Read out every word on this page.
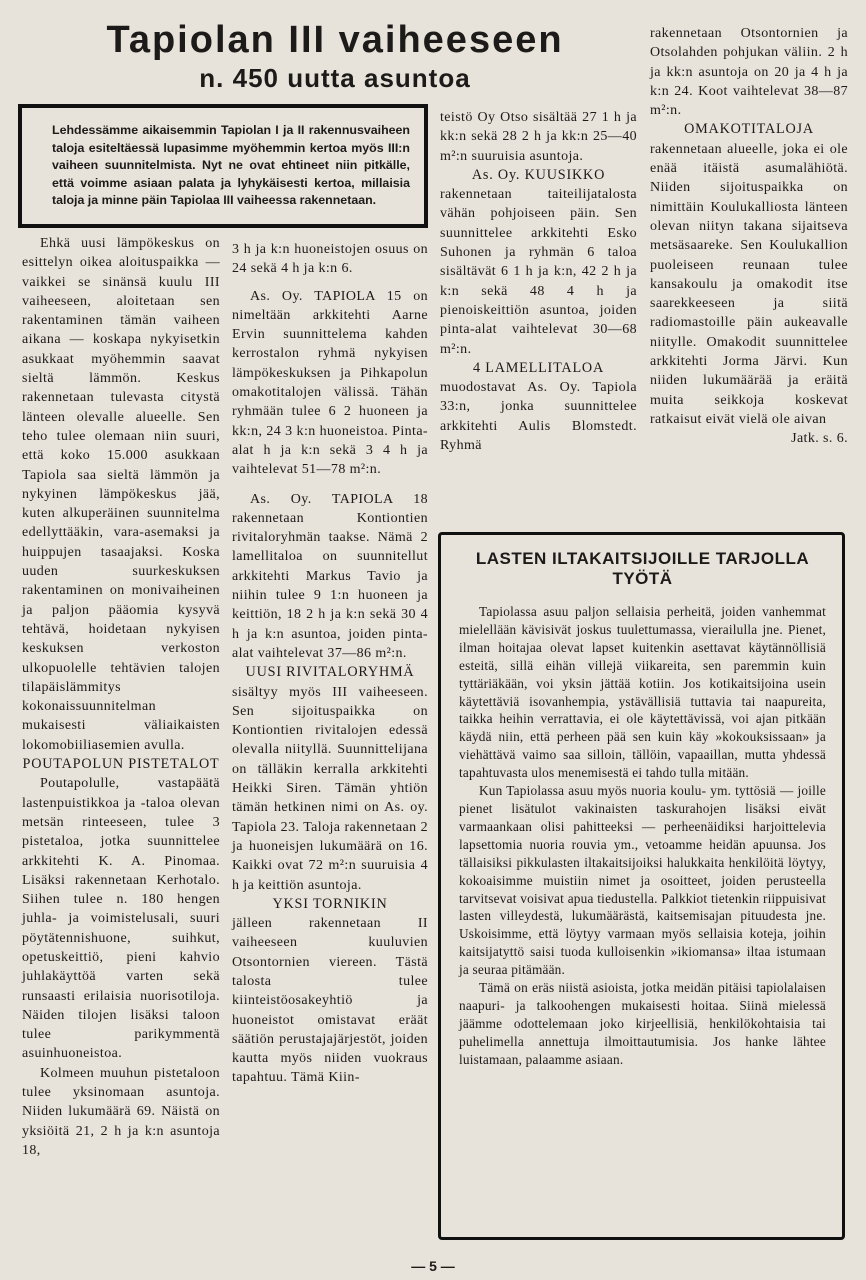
Tapiolan III vaiheeseen
n. 450 uutta asuntoa
Lehdessämme aikaisemmin Tapiolan I ja II rakennusvaiheen taloja esiteltäessä lupasimme myöhemmin kertoa myös III:n vaiheen suunnitelmista. Nyt ne ovat ehtineet niin pitkälle, että voimme asiaan palata ja lyhykäisesti kertoa, millaisia taloja ja minne päin Tapiolaa III vaiheessa rakennetaan.

Ehkä uusi lämpökeskus on esittelyn oikea aloituspaikka — vaikkei se sinänsä kuulu III vaiheeseen, aloitetaan sen rakentaminen tämän vaiheen aikana — koskapa nykyisetkin asukkaat myöhemmin saavat sieltä lämmön. Keskus rakennetaan tulevasta citystä länteen olevalle alueelle. Sen teho tulee olemaan niin suuri, että koko 15.000 asukkaan Tapiola saa sieltä lämmön ja nykyinen lämpökeskus jää, kuten alkuperäinen suunnitelma edellyttääkin, vara-asemaksi ja huippujen tasaajaksi. Koska uuden suurkeskuksen rakentaminen on monivaiheinen ja paljon pääomia kysyvä tehtävä, hoidetaan nykyisen keskuksen verkoston ulkopuolelle tehtävien talojen tilapäislämmitys kokonaissuunnitelman mukaisesti väliaikaisten lokomobiiliasemien avulla.

POUTAPOLUN PISTETALOT

Poutapolulle, vastapäätä lastenpuistikkoa ja -taloa olevan metsän rinteeseen, tulee 3 pistetaloa, jotka suunnittelee arkkitehti K. A. Pinomaa. Lisäksi rakennetaan Kerhotalo. Siihen tulee n. 180 hengen juhla- ja voimistelusali, suuri pöytätennishuone, suihkut, opetuskeittiö, pieni kahvio juhlakäyttöä varten sekä runsaasti erilaisia nuorisotiloja. Näiden tilojen lisäksi taloon tulee parikymmentä asuinhuoneistoa.

Kolmeen muuhun pistetaloon tulee yksinomaan asuntoja. Niiden lukumäärä 69. Näistä on yksiöitä 21, 2 h ja k:n asuntoja 18,

3 h ja k:n huoneistojen osuus on 24 sekä 4 h ja k:n 6.

As. Oy. TAPIOLA 15 on nimeltään arkkitehti Aarne Ervin suunnittelema kahden kerrostalon ryhmä nykyisen lämpökeskuksen ja Pihkapolun omakotitalojen välissä. Tähän ryhmään tulee 6 2 huoneen ja kk:n, 24 3 k:n huoneistoa. Pinta-alat h ja k:n sekä 3 4 h ja vaihtelevat 51—78 m²:n.

As. Oy. TAPIOLA 18 rakennetaan Kontiontien rivitaloryhmän taakse. Nämä 2 lamellitaloa on suunnitellut arkkitehti Markus Tavio ja niihin tulee 9 1:n huoneen ja keittiön, 18 2 h ja k:n sekä 30 4 h ja k:n asuntoa, joiden pinta-alat vaihtelevat 37—86 m²:n.

UUSI RIVITALORYHMÄ

sisältyy myös III vaiheeseen. Sen sijoituspaikka on Kontiontien rivitalojen edessä olevalla niityllä. Suunnittelijana on tälläkin kerralla arkkitehti Heikki Siren. Tämän yhtiön tämän hetkinen nimi on As. oy. Tapiola 23. Taloja rakennetaan 2 ja huoneisjen lukumäärä on 16. Kaikki ovat 72 m²:n suuruisia 4 h ja keittiön asuntoja.

YKSI TORNIKIN

jälleen rakennetaan II vaiheeseen kuuluvien Otsontornien viereen. Tästä talosta tulee kiinteistöosakeyhtiö ja huoneistot omistavat eräät säätiön perustajajärjestöt, joiden kautta myös niiden vuokraus tapahtuu. Tämä Kiin-

teistö Oy Otso sisältää 27 1 h ja kk:n sekä 28 2 h ja kk:n 25—40 m²:n suuruisia asuntoja.

As. Oy. KUUSIKKO

rakennetaan taiteilijatalosta vähän pohjoiseen päin. Sen suunnittelee arkkitehti Esko Suhonen ja ryhmän 6 taloa sisältävät 6 1 h ja k:n, 42 2 h ja k:n sekä 48 4 h ja pienoiskeittiön asuntoa, joiden pinta-alat vaihtelevat 30—68 m²:n.

4 LAMELLITALOA

muodostavat As. Oy. Tapiola 33:n, jonka suunnittelee arkkitehti Aulis Blomstedt. Ryhmä

rakennetaan Otsontornien ja Otsolahden pohjukan väliin. 2 h ja kk:n asuntoja on 20 ja 4 h ja k:n 24. Koot vaihtelevat 38—87 m²:n.

OMAKOTITALOJA

rakennetaan alueelle, joka ei ole enää itäistä asumalähiötä. Niiden sijoituspaikka on nimittäin Koulukalliosta länteen olevan niityn takana sijaitseva metsäsaareke. Sen Koulukallion puoleiseen reunaan tulee kansakoulu ja omakodit itse saarekkeeseen ja siitä radiomastoille päin aukeavalle niitylle. Omakodit suunnittelee arkkitehti Jorma Järvi. Kun niiden lukumäärää ja eräitä muita seikkoja koskevat ratkaisut eivät vielä ole aivan

Jatk. s. 6.

LASTEN ILTAKAITSIJOILLE TARJOLLA TYÖTÄ

Tapiolassa asuu paljon sellaisia perheitä, joiden vanhemmat mielellään kävisivät joskus tuulettumassa, vierailulla jne. Pienet, ilman hoitajaa olevat lapset kuitenkin asettavat käytännöllisiä esteitä, sillä eihän villejä viikareita, sen paremmin kuin tyttäriäkään, voi yksin jättää kotiin. Jos kotikaitsijoina usein käytettäviä isovanhempia, ystävällisiä tuttavia tai naapureita, taikka heihin verrattavia, ei ole käytettävissä, voi ajan pitkään käydä niin, että perheen pää sen kuin käy »kokouksissaan» ja viehättävä vaimo saa silloin, tällöin, vapaaillan, mutta yhdessä tapahtuvasta ulos menemisestä ei tahdo tulla mitään.

Kun Tapiolassa asuu myös nuoria koulu- ym. tyttösiä — joille pienet lisätulot vakinaisten taskurahojen lisäksi eivät varmaankaan olisi pahitteeksi — perheenäidiksi harjoittelevia lapsettomia nuoria rouvia ym., vetoamme heidän apuunsa. Jos tällaisiksi pikkulasten iltakaitsijoiksi halukkaita henkilöitä löytyy, kokoaisimme muistiin nimet ja osoitteet, joiden perusteella tarvitsevat voisivat apua tiedustella. Palkkiot tietenkin riippuisivat lasten villeydestä, lukumäärästä, kaitsemisajan pituudesta jne. Uskoisimme, että löytyy varmaan myös sellaisia koteja, joihin kaitsijatyttö saisi tuoda kulloisenkin »ikiomansa» iltaa istumaan ja seuraa pitämään.

Tämä on eräs niistä asioista, jotka meidän pitäisi tapiolalaisen naapuri- ja talkoohengen mukaisesti hoitaa. Siinä mielessä jäämme odottelemaan joko kirjeellisiä, henkilökohtaisia tai puhelimella annettuja ilmoittautumisia. Jos hanke lähtee luistamaan, palaamme asiaan.

— 5 —
